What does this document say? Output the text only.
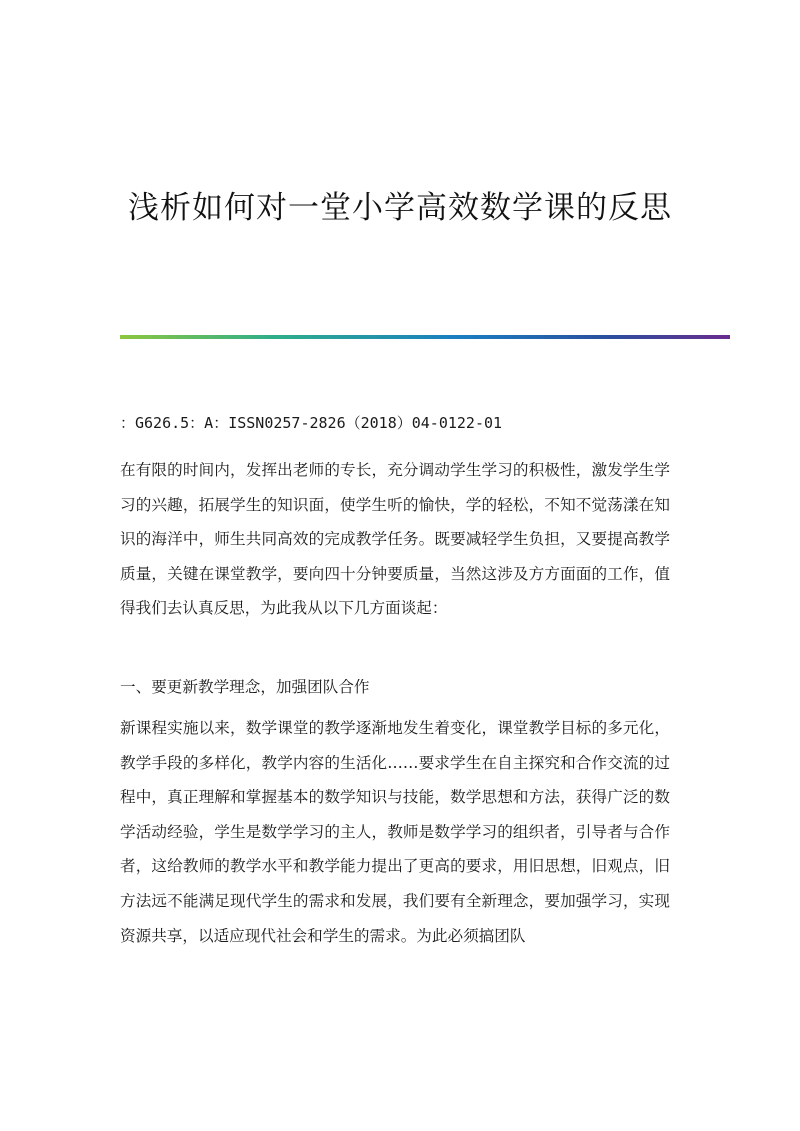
浅析如何对一堂小学高效数学课的反思
：G626.5：A：ISSN0257-2826（2018）04-0122-01

在有限的时间内，发挥出老师的专长，充分调动学生学习的积极性，激发学生学习的兴趣，拓展学生的知识面，使学生听的愉快，学的轻松，不知不觉荡漾在知识的海洋中，师生共同高效的完成教学任务。既要减轻学生负担，又要提高教学质量，关键在课堂教学，要向四十分钟要质量，当然这涉及方方面面的工作，值得我们去认真反思，为此我从以下几方面谈起：

一、要更新教学理念，加强团队合作

新课程实施以来，数学课堂的教学逐渐地发生着变化，课堂教学目标的多元化，教学手段的多样化，教学内容的生活化……要求学生在自主探究和合作交流的过程中，真正理解和掌握基本的数学知识与技能，数学思想和方法，获得广泛的数学活动经验，学生是数学学习的主人，教师是数学学习的组织者，引导者与合作者，这给教师的教学水平和教学能力提出了更高的要求，用旧思想，旧观点，旧方法远不能满足现代学生的需求和发展，我们要有全新理念，要加强学习，实现资源共享，以适应现代社会和学生的需求。为此必须搞团队
